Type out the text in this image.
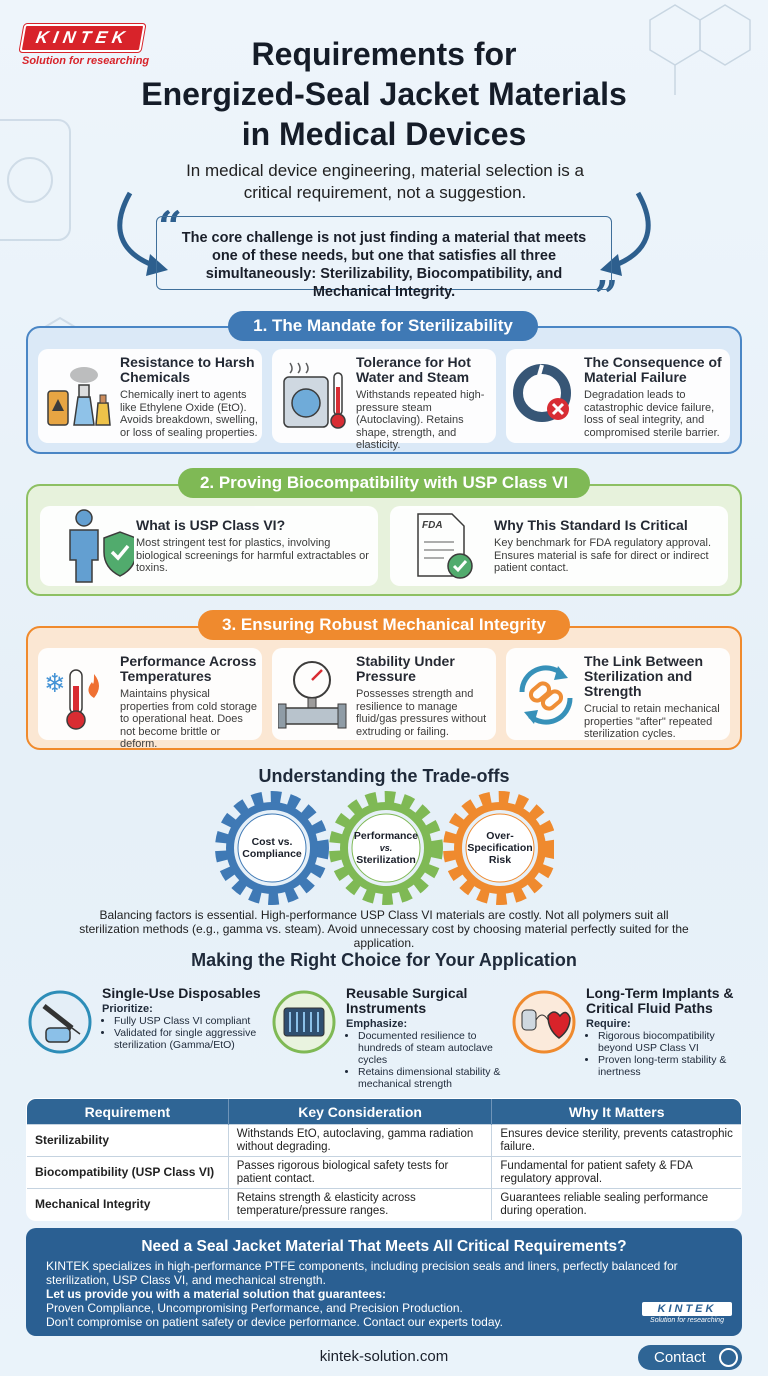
KINTEK
Solution for researching	Requirements for
Energized-Seal Jacket Materials
in Medical Devices
In medical device engineering, material selection is a critical requirement, not a suggestion.
“
”
The core challenge is not just finding a material that meets one of these needs, but one that satisfies all three simultaneously: Sterilizability, Biocompatibility, and Mechanical Integrity.
1. The Mandate for Sterilizability
Resistance to Harsh Chemicals
Chemically inert to agents like Ethylene Oxide (EtO). Avoids breakdown, swelling, or loss of sealing properties.
Tolerance for Hot Water and Steam
Withstands repeated high-pressure steam (Autoclaving). Retains shape, strength, and elasticity.
The Consequence of Material Failure
Degradation leads to catastrophic device failure, loss of seal integrity, and compromised sterile barrier.
2. Proving Biocompatibility with USP Class VI
What is USP Class VI?
Most stringent test for plastics, involving biological screenings for harmful extractables or toxins.
FDA	Why This Standard Is Critical
Key benchmark for FDA regulatory approval. Ensures material is safe for direct or indirect patient contact.
3. Ensuring Robust Mechanical Integrity
❄
Performance Across Temperatures
Maintains physical properties from cold storage to operational heat. Does not become brittle or deform.
Stability Under Pressure
Possesses strength and resilience to manage fluid/gas pressures without extruding or failing.
The Link Between Sterilization and Strength
Crucial to retain mechanical properties "after" repeated sterilization cycles.
Understanding the Trade-offs
Cost vs.
Compliance
Performance
vs.
Sterilization
Over-
Specification
Risk
Balancing factors is essential. High-performance USP Class VI materials are costly. Not all polymers suit all sterilization methods (e.g., gamma vs. steam). Avoid unnecessary cost by choosing material perfectly suited for the application.
Making the Right Choice for Your Application
Single-Use Disposables
Prioritize:
• Fully USP Class VI compliant
• Validated for single aggressive sterilization (Gamma/EtO)
Reusable Surgical Instruments
Emphasize:
• Documented resilience to hundreds of steam autoclave cycles
• Retains dimensional stability & mechanical strength
Long-Term Implants & Critical Fluid Paths
Require:
• Rigorous biocompatibility beyond USP Class VI
• Proven long-term stability & inertness
Requirement	Key Consideration	Why It Matters
Sterilizability	Withstands EtO, autoclaving, gamma radiation without degrading.	Ensures device sterility, prevents catastrophic failure.
Biocompatibility (USP Class VI)	Passes rigorous biological safety tests for patient contact.	Fundamental for patient safety & FDA regulatory approval.
Mechanical Integrity	Retains strength & elasticity across temperature/pressure ranges.	Guarantees reliable sealing performance during operation.
Need a Seal Jacket Material That Meets All Critical Requirements?
KINTEK specializes in high-performance PTFE components, including precision seals and liners, perfectly balanced for sterilization, USP Class VI, and mechanical strength.
Let us provide you with a material solution that guarantees:
Proven Compliance, Uncompromising Performance, and Precision Production.
Don't compromise on patient safety or device performance. Contact our experts today.
KINTEK
Solution for researching
kintek-solution.com	Contact
